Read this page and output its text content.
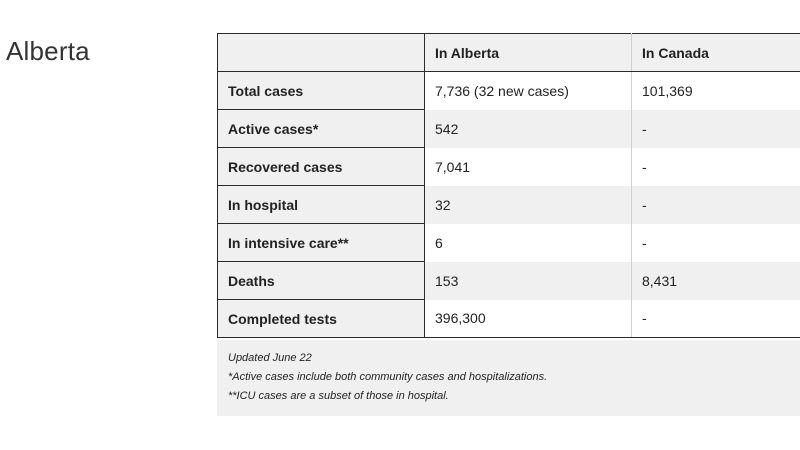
Alberta
		In Alberta	In Canada
Total cases	7,736 (32 new cases)	101,369
Active cases*	542	-
Recovered cases	7,041	-
In hospital	32	-
In intensive care**	6	-
Deaths	153	8,431
Completed tests	396,300	-

Updated June 22

*Active cases include both community cases and hospitalizations.

**ICU cases are a subset of those in hospital.
